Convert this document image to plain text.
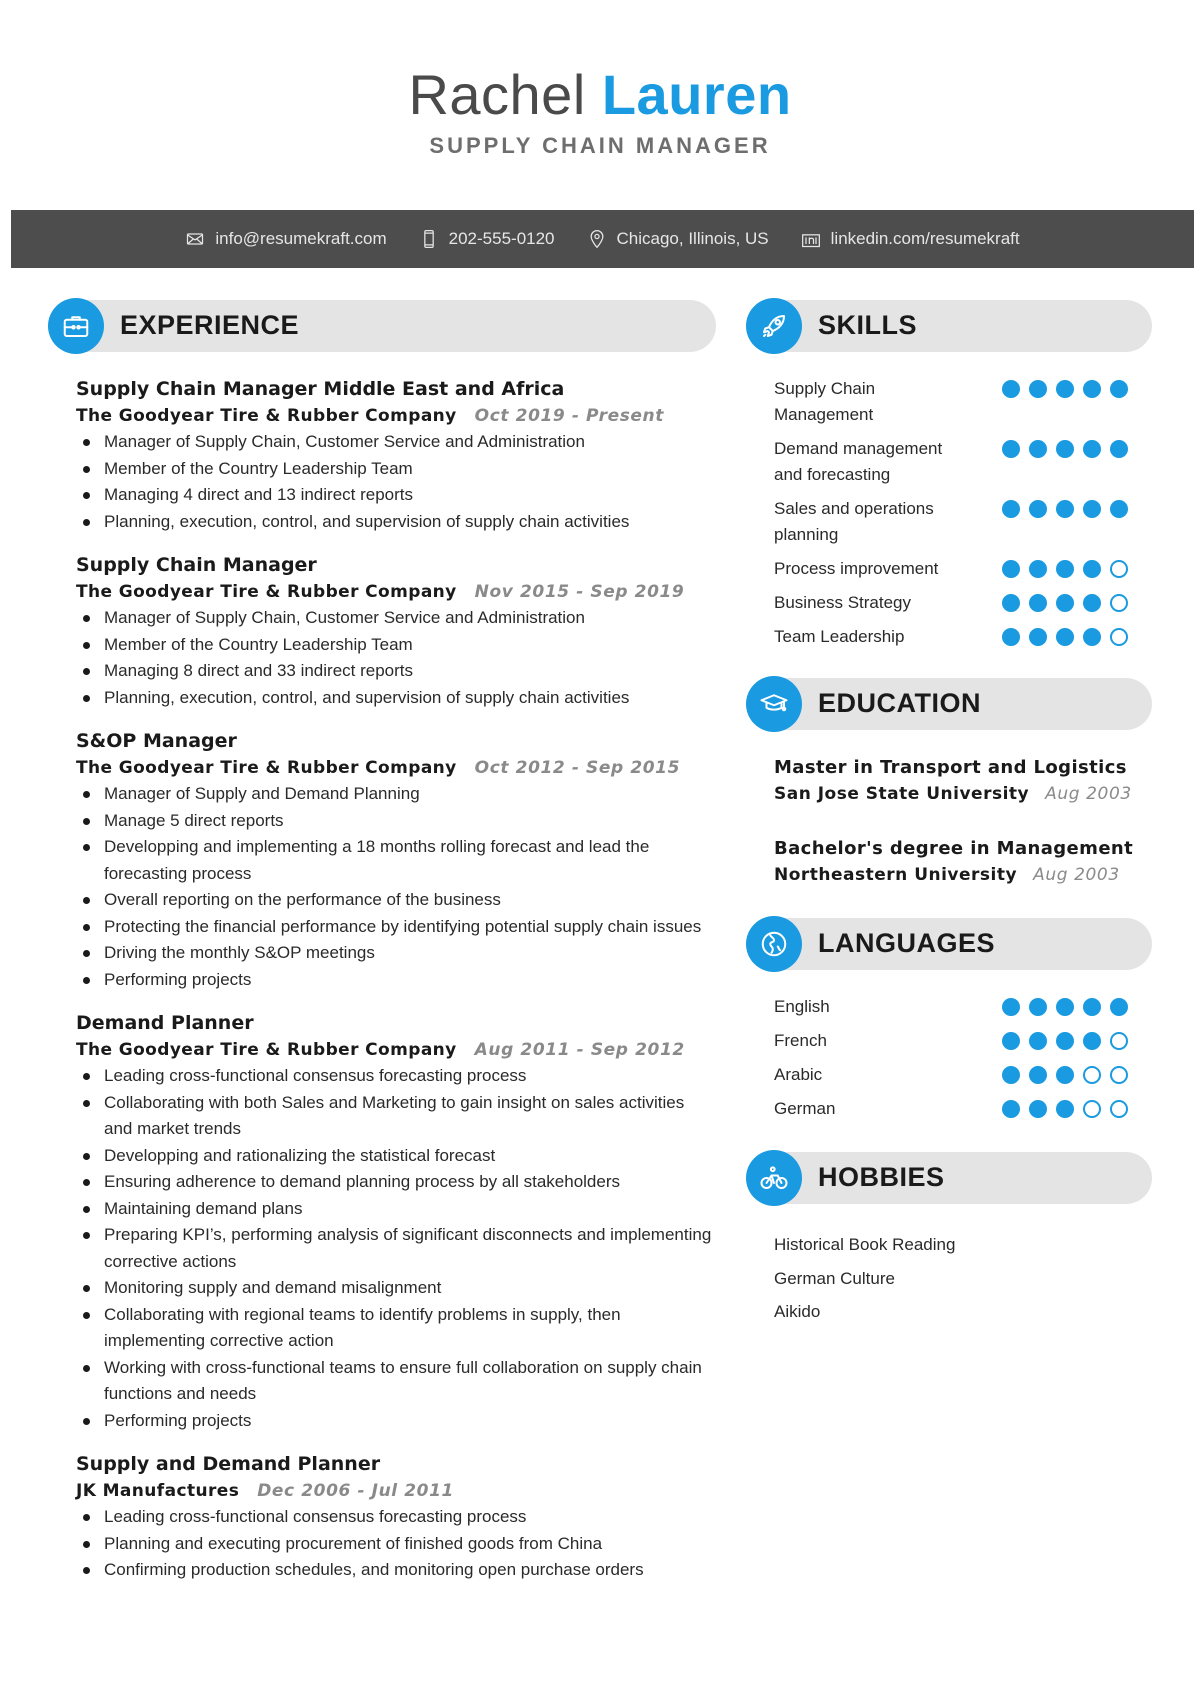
Rachel Lauren
SUPPLY CHAIN MANAGER
info@resumekraft.com	202-555-0120	Chicago, Illinois, US	linkedin.com/resumekraft
EXPERIENCE
Supply Chain Manager Middle East and Africa
The Goodyear Tire & Rubber Company Oct 2019 - Present
Manager of Supply Chain, Customer Service and Administration
Member of the Country Leadership Team
Managing 4 direct and 13 indirect reports
Planning, execution, control, and supervision of supply chain activities
Supply Chain Manager
The Goodyear Tire & Rubber Company Nov 2015 - Sep 2019
Manager of Supply Chain, Customer Service and Administration
Member of the Country Leadership Team
Managing 8 direct and 33 indirect reports
Planning, execution, control, and supervision of supply chain activities
S&OP Manager
The Goodyear Tire & Rubber Company Oct 2012 - Sep 2015
Manager of Supply and Demand Planning
Manage 5 direct reports
Developping and implementing a 18 months rolling forecast and lead the forecasting process
Overall reporting on the performance of the business
Protecting the financial performance by identifying potential supply chain issues
Driving the monthly S&OP meetings
Performing projects
Demand Planner
The Goodyear Tire & Rubber Company Aug 2011 - Sep 2012
Leading cross-functional consensus forecasting process
Collaborating with both Sales and Marketing to gain insight on sales activities and market trends
Developping and rationalizing the statistical forecast
Ensuring adherence to demand planning process by all stakeholders
Maintaining demand plans
Preparing KPI’s, performing analysis of significant disconnects and implementing corrective actions
Monitoring supply and demand misalignment
Collaborating with regional teams to identify problems in supply, then implementing corrective action
Working with cross-functional teams to ensure full collaboration on supply chain functions and needs
Performing projects
Supply and Demand Planner
JK Manufactures Dec 2006 - Jul 2011
Leading cross-functional consensus forecasting process
Planning and executing procurement of finished goods from China
Confirming production schedules, and monitoring open purchase orders
SKILLS
Supply Chain Management
Demand management and forecasting
Sales and operations planning
Process improvement
Business Strategy
Team Leadership
EDUCATION
Master in Transport and Logistics
San Jose State University Aug 2003
Bachelor's degree in Management
Northeastern University Aug 2003
LANGUAGES
English
French
Arabic
German
HOBBIES
Historical Book Reading
German Culture
Aikido
